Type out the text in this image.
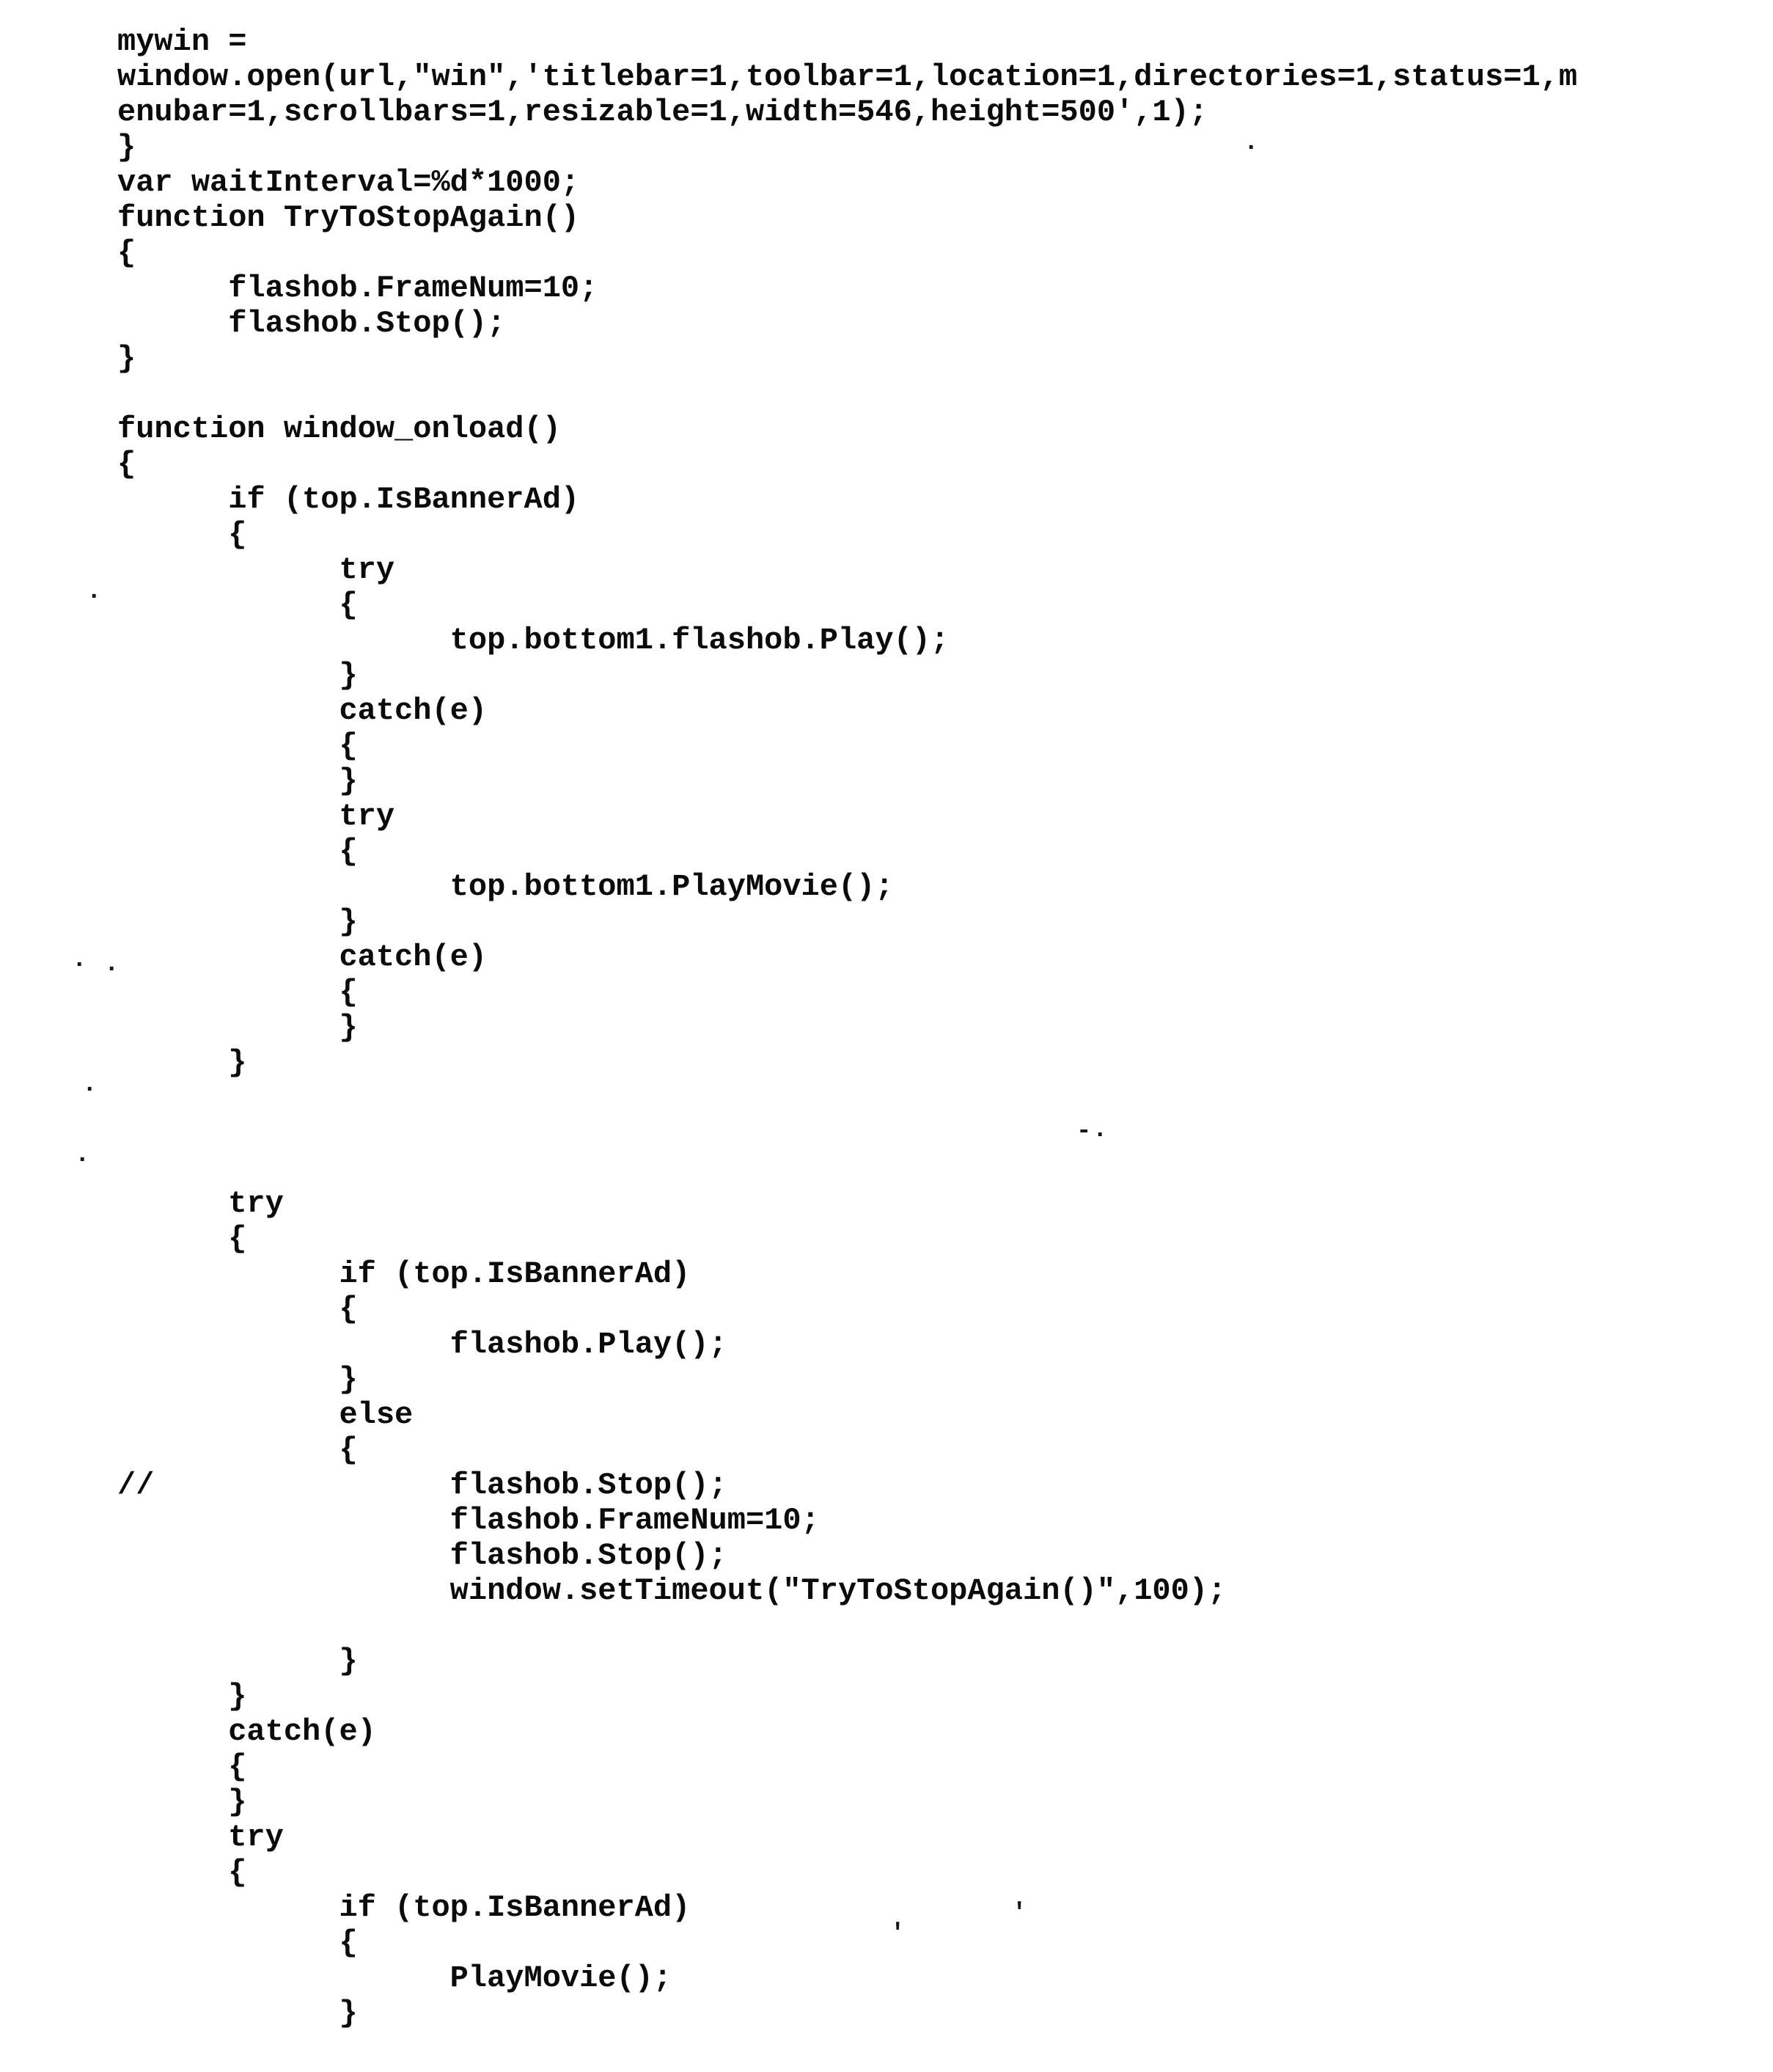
mywin =
window.open(url,"win",'titlebar=1,toolbar=1,location=1,directories=1,status=1,m
enubar=1,scrollbars=1,resizable=1,width=546,height=500',1);
}
var waitInterval=%d*1000;
function TryToStopAgain()
{
flashob.FrameNum=10;
flashob.Stop();
}

function window_onload()
{
if (top.IsBannerAd)
{
try
{
top.bottom1.flashob.Play();
}
catch(e)
{
}
try
{
top.bottom1.PlayMovie();
}
catch(e)
{
}
}

try
{
if (top.IsBannerAd)
{
flashob.Play();
}
else
{
//                flashob.Stop();
flashob.FrameNum=10;
flashob.Stop();
window.setTimeout("TryToStopAgain()",100);

}
}
catch(e)
{
}
try
{
if (top.IsBannerAd)
{
PlayMovie();
}
- .
'
'
.
. .
.
.
.
